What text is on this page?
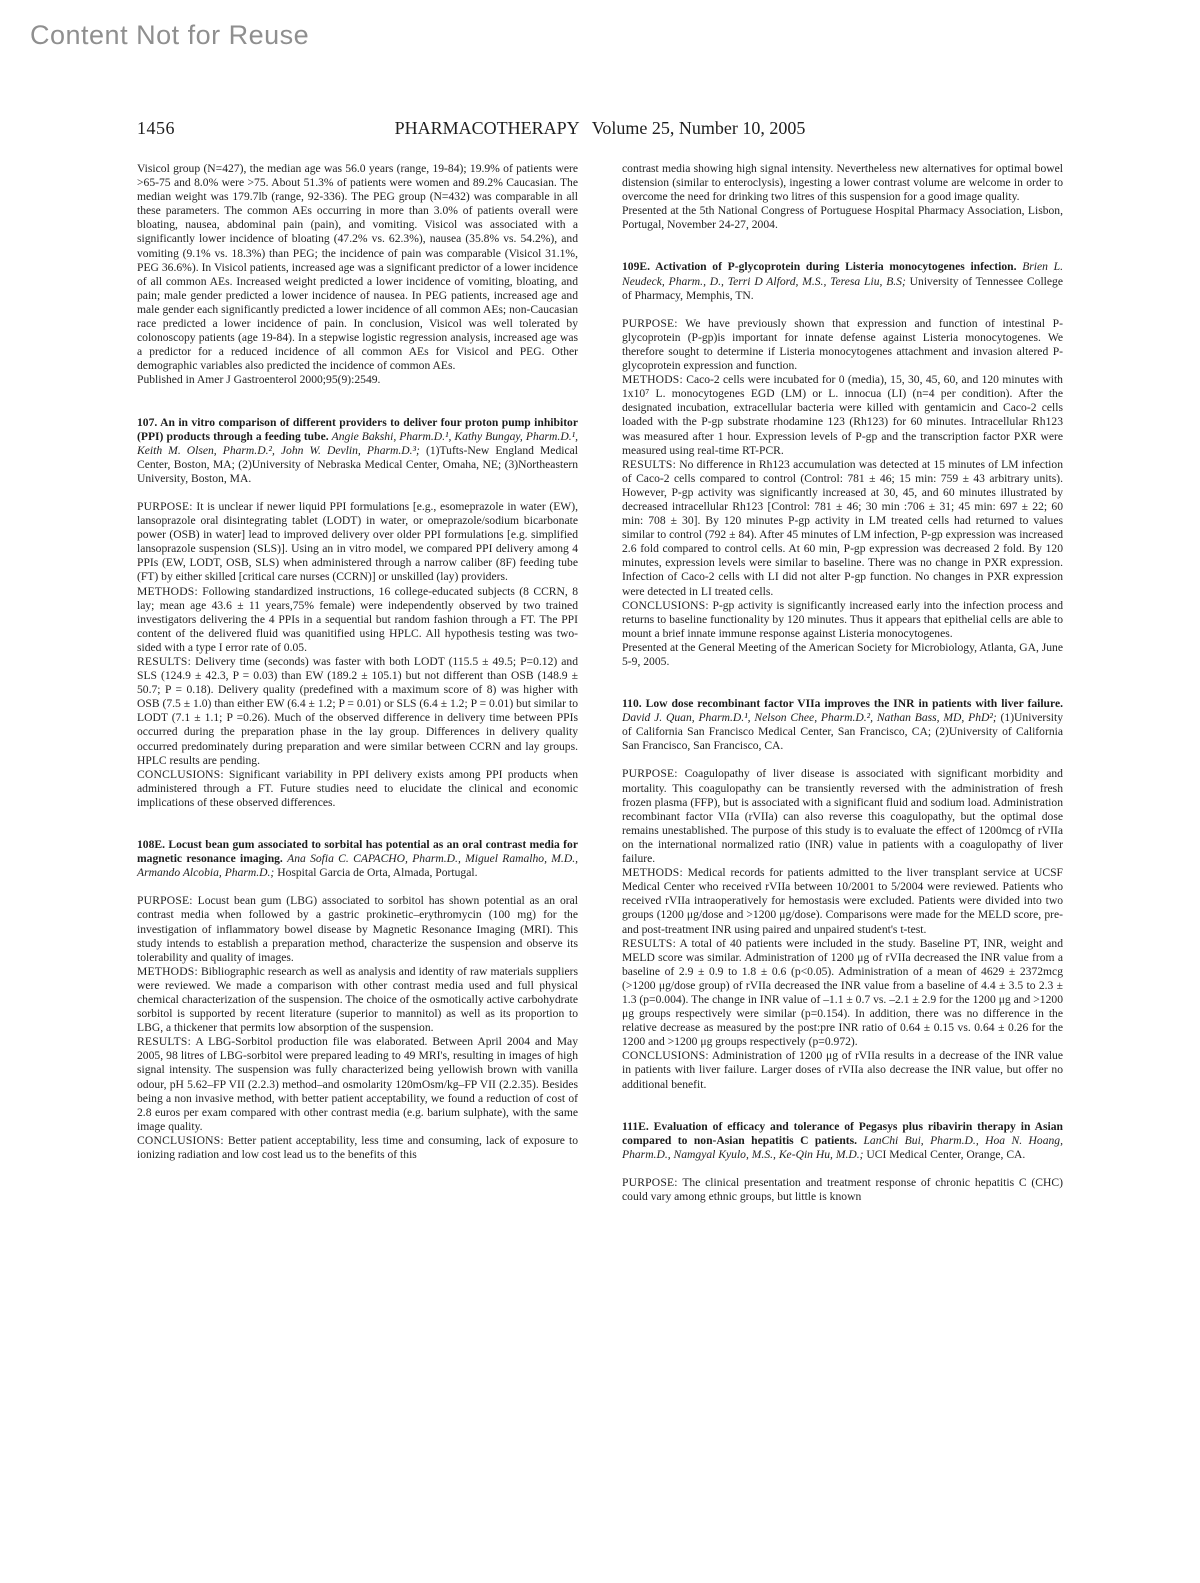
Content Not for Reuse
1456	PHARMACOTHERAPY Volume 25, Number 10, 2005

Visicol group (N=427), the median age was 56.0 years (range, 19-84); 19.9% of patients were >65-75 and 8.0% were >75. About 51.3% of patients were women and 89.2% Caucasian. The median weight was 179.7lb (range, 92-336). The PEG group (N=432) was comparable in all these parameters. The common AEs occurring in more than 3.0% of patients overall were bloating, nausea, abdominal pain (pain), and vomiting. Visicol was associated with a significantly lower incidence of bloating (47.2% vs. 62.3%), nausea (35.8% vs. 54.2%), and vomiting (9.1% vs. 18.3%) than PEG; the incidence of pain was comparable (Visicol 31.1%, PEG 36.6%). In Visicol patients, increased age was a significant predictor of a lower incidence of all common AEs. Increased weight predicted a lower incidence of vomiting, bloating, and pain; male gender predicted a lower incidence of nausea. In PEG patients, increased age and male gender each significantly predicted a lower incidence of all common AEs; non-Caucasian race predicted a lower incidence of pain. In conclusion, Visicol was well tolerated by colonoscopy patients (age 19-84). In a stepwise logistic regression analysis, increased age was a predictor for a reduced incidence of all common AEs for Visicol and PEG. Other demographic variables also predicted the incidence of common AEs.

Published in Amer J Gastroenterol 2000;95(9):2549.

107. An in vitro comparison of different providers to deliver four proton pump inhibitor (PPI) products through a feeding tube. Angie Bakshi, Pharm.D.¹, Kathy Bungay, Pharm.D.¹, Keith M. Olsen, Pharm.D.², John W. Devlin, Pharm.D.³; (1)Tufts-New England Medical Center, Boston, MA; (2)University of Nebraska Medical Center, Omaha, NE; (3)Northeastern University, Boston, MA.

PURPOSE: It is unclear if newer liquid PPI formulations [e.g., esomeprazole in water (EW), lansoprazole oral disintegrating tablet (LODT) in water, or omeprazole/sodium bicarbonate power (OSB) in water] lead to improved delivery over older PPI formulations [e.g. simplified lansoprazole suspension (SLS)]. Using an in vitro model, we compared PPI delivery among 4 PPIs (EW, LODT, OSB, SLS) when administered through a narrow caliber (8F) feeding tube (FT) by either skilled [critical care nurses (CCRN)] or unskilled (lay) providers.

METHODS: Following standardized instructions, 16 college-educated subjects (8 CCRN, 8 lay; mean age 43.6 ± 11 years,75% female) were independently observed by two trained investigators delivering the 4 PPIs in a sequential but random fashion through a FT. The PPI content of the delivered fluid was quanitified using HPLC. All hypothesis testing was two-sided with a type I error rate of 0.05.

RESULTS: Delivery time (seconds) was faster with both LODT (115.5 ± 49.5; P=0.12) and SLS (124.9 ± 42.3, P = 0.03) than EW (189.2 ± 105.1) but not different than OSB (148.9 ± 50.7; P = 0.18). Delivery quality (predefined with a maximum score of 8) was higher with OSB (7.5 ± 1.0) than either EW (6.4 ± 1.2; P = 0.01) or SLS (6.4 ± 1.2; P = 0.01) but similar to LODT (7.1 ± 1.1; P =0.26). Much of the observed difference in delivery time between PPIs occurred during the preparation phase in the lay group. Differences in delivery quality occurred predominately during preparation and were similar between CCRN and lay groups. HPLC results are pending.

CONCLUSIONS: Significant variability in PPI delivery exists among PPI products when administered through a FT. Future studies need to elucidate the clinical and economic implications of these observed differences.

108E. Locust bean gum associated to sorbital has potential as an oral contrast media for magnetic resonance imaging. Ana Sofia C. CAPACHO, Pharm.D., Miguel Ramalho, M.D., Armando Alcobia, Pharm.D.; Hospital Garcia de Orta, Almada, Portugal.

PURPOSE: Locust bean gum (LBG) associated to sorbitol has shown potential as an oral contrast media when followed by a gastric prokinetic–erythromycin (100 mg) for the investigation of inflammatory bowel disease by Magnetic Resonance Imaging (MRI). This study intends to establish a preparation method, characterize the suspension and observe its tolerability and quality of images.

METHODS: Bibliographic research as well as analysis and identity of raw materials suppliers were reviewed. We made a comparison with other contrast media used and full physical chemical characterization of the suspension. The choice of the osmotically active carbohydrate sorbitol is supported by recent literature (superior to mannitol) as well as its proportion to LBG, a thickener that permits low absorption of the suspension.

RESULTS: A LBG-Sorbitol production file was elaborated. Between April 2004 and May 2005, 98 litres of LBG-sorbitol were prepared leading to 49 MRI's, resulting in images of high signal intensity. The suspension was fully characterized being yellowish brown with vanilla odour, pH 5.62–FP VII (2.2.3) method–and osmolarity 120mOsm/kg–FP VII (2.2.35). Besides being a non invasive method, with better patient acceptability, we found a reduction of cost of 2.8 euros per exam compared with other contrast media (e.g. barium sulphate), with the same image quality.

CONCLUSIONS: Better patient acceptability, less time and consuming, lack of exposure to ionizing radiation and low cost lead us to the benefits of this

contrast media showing high signal intensity. Nevertheless new alternatives for optimal bowel distension (similar to enteroclysis), ingesting a lower contrast volume are welcome in order to overcome the need for drinking two litres of this suspension for a good image quality.

Presented at the 5th National Congress of Portuguese Hospital Pharmacy Association, Lisbon, Portugal, November 24-27, 2004.

109E. Activation of P-glycoprotein during Listeria monocytogenes infection. Brien L. Neudeck, Pharm., D., Terri D Alford, M.S., Teresa Liu, B.S; University of Tennessee College of Pharmacy, Memphis, TN.

PURPOSE: We have previously shown that expression and function of intestinal P-glycoprotein (P-gp)is important for innate defense against Listeria monocytogenes. We therefore sought to determine if Listeria monocytogenes attachment and invasion altered P-glycoprotein expression and function.

METHODS: Caco-2 cells were incubated for 0 (media), 15, 30, 45, 60, and 120 minutes with 1x10⁷ L. monocytogenes EGD (LM) or L. innocua (LI) (n=4 per condition). After the designated incubation, extracellular bacteria were killed with gentamicin and Caco-2 cells loaded with the P-gp substrate rhodamine 123 (Rh123) for 60 minutes. Intracellular Rh123 was measured after 1 hour. Expression levels of P-gp and the transcription factor PXR were measured using real-time RT-PCR.

RESULTS: No difference in Rh123 accumulation was detected at 15 minutes of LM infection of Caco-2 cells compared to control (Control: 781 ± 46; 15 min: 759 ± 43 arbitrary units). However, P-gp activity was significantly increased at 30, 45, and 60 minutes illustrated by decreased intracellular Rh123 [Control: 781 ± 46; 30 min :706 ± 31; 45 min: 697 ± 22; 60 min: 708 ± 30]. By 120 minutes P-gp activity in LM treated cells had returned to values similar to control (792 ± 84). After 45 minutes of LM infection, P-gp expression was increased 2.6 fold compared to control cells. At 60 min, P-gp expression was decreased 2 fold. By 120 minutes, expression levels were similar to baseline. There was no change in PXR expression. Infection of Caco-2 cells with LI did not alter P-gp function. No changes in PXR expression were detected in LI treated cells.

CONCLUSIONS: P-gp activity is significantly increased early into the infection process and returns to baseline functionality by 120 minutes. Thus it appears that epithelial cells are able to mount a brief innate immune response against Listeria monocytogenes.

Presented at the General Meeting of the American Society for Microbiology, Atlanta, GA, June 5-9, 2005.

110. Low dose recombinant factor VIIa improves the INR in patients with liver failure. David J. Quan, Pharm.D.¹, Nelson Chee, Pharm.D.², Nathan Bass, MD, PhD²; (1)University of California San Francisco Medical Center, San Francisco, CA; (2)University of California San Francisco, San Francisco, CA.

PURPOSE: Coagulopathy of liver disease is associated with significant morbidity and mortality. This coagulopathy can be transiently reversed with the administration of fresh frozen plasma (FFP), but is associated with a significant fluid and sodium load. Administration recombinant factor VIIa (rVIIa) can also reverse this coagulopathy, but the optimal dose remains unestablished. The purpose of this study is to evaluate the effect of 1200mcg of rVIIa on the international normalized ratio (INR) value in patients with a coagulopathy of liver failure.

METHODS: Medical records for patients admitted to the liver transplant service at UCSF Medical Center who received rVIIa between 10/2001 to 5/2004 were reviewed. Patients who received rVIIa intraoperatively for hemostasis were excluded. Patients were divided into two groups (1200 μg/dose and >1200 μg/dose). Comparisons were made for the MELD score, pre- and post-treatment INR using paired and unpaired student's t-test.

RESULTS: A total of 40 patients were included in the study. Baseline PT, INR, weight and MELD score was similar. Administration of 1200 μg of rVIIa decreased the INR value from a baseline of 2.9 ± 0.9 to 1.8 ± 0.6 (p<0.05). Administration of a mean of 4629 ± 2372mcg (>1200 μg/dose group) of rVIIa decreased the INR value from a baseline of 4.4 ± 3.5 to 2.3 ± 1.3 (p=0.004). The change in INR value of –1.1 ± 0.7 vs. –2.1 ± 2.9 for the 1200 μg and >1200 μg groups respectively were similar (p=0.154). In addition, there was no difference in the relative decrease as measured by the post:pre INR ratio of 0.64 ± 0.15 vs. 0.64 ± 0.26 for the 1200 and >1200 μg groups respectively (p=0.972).

CONCLUSIONS: Administration of 1200 μg of rVIIa results in a decrease of the INR value in patients with liver failure. Larger doses of rVIIa also decrease the INR value, but offer no additional benefit.

111E. Evaluation of efficacy and tolerance of Pegasys plus ribavirin therapy in Asian compared to non-Asian hepatitis C patients. LanChi Bui, Pharm.D., Hoa N. Hoang, Pharm.D., Namgyal Kyulo, M.S., Ke-Qin Hu, M.D.; UCI Medical Center, Orange, CA.

PURPOSE: The clinical presentation and treatment response of chronic hepatitis C (CHC) could vary among ethnic groups, but little is known
